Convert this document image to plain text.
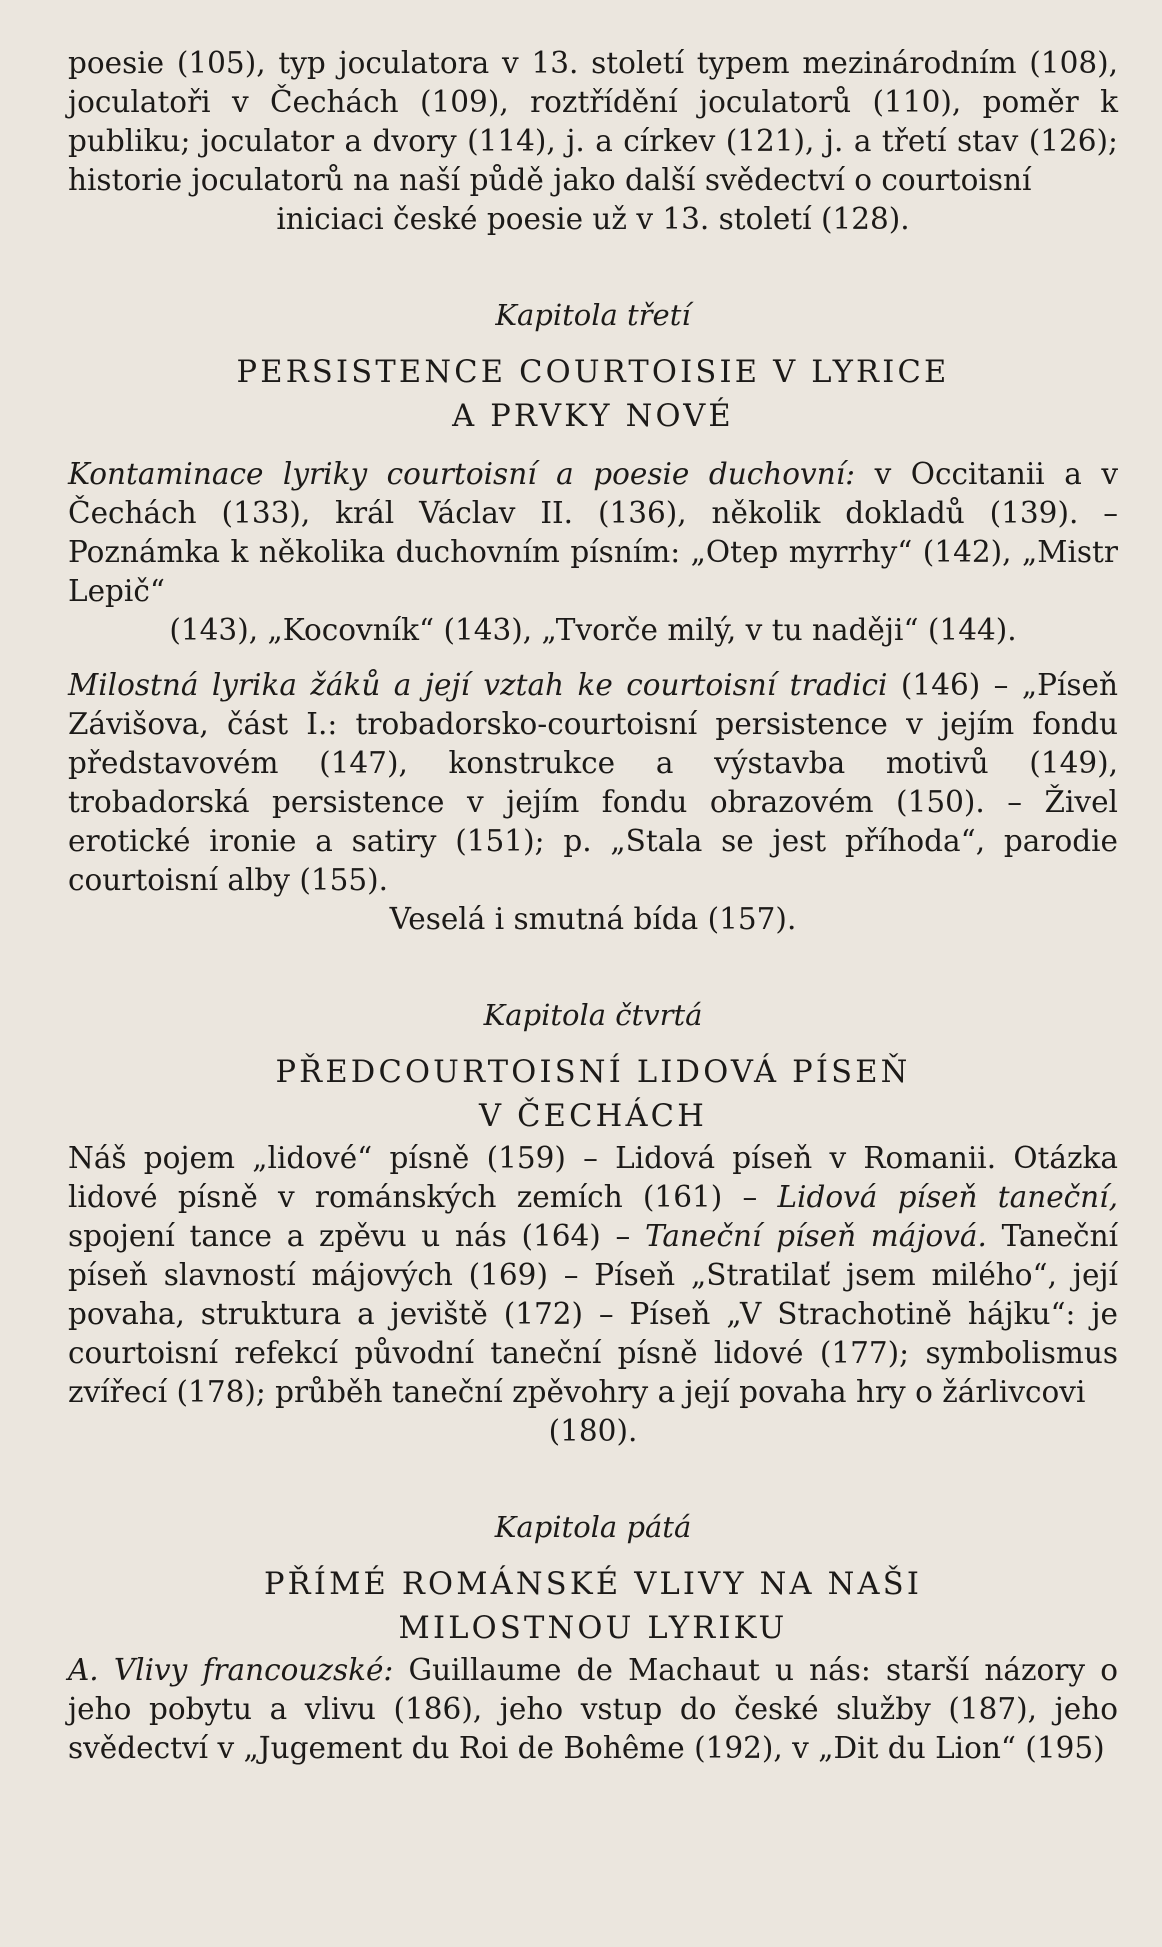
poesie (105), typ joculatora v 13. století typem mezinárodním (108), joculatoři v Čechách (109), roztřídění joculatorů (110), poměr k publiku; joculator a dvory (114), j. a církev (121), j. a třetí stav (126); historie joculatorů na naší půdě jako další svědectví o courtoisní
iniciaci české poesie už v 13. století (128).

Kapitola třetí

PERSISTENCE COURTOISIE V LYRICE

A PRVKY NOVÉ

Kontaminace lyriky courtoisní a poesie duchovní: v Occitanii a v Čechách (133), král Václav II. (136), několik dokladů (139). – Poznámka k několika duchovním písním: „Otep myrrhy“ (142), „Mistr Lepič“
(143), „Kocovník“ (143), „Tvorče milý, v tu naději“ (144).

Milostná lyrika žáků a její vztah ke courtoisní tradici (146) – „Píseň Závišova, část I.: trobadorsko-courtoisní persistence v jejím fondu představovém (147), konstrukce a výstavba motivů (149), trobadorská persistence v jejím fondu obrazovém (150). – Živel erotické ironie a satiry (151); p. „Stala se jest příhoda“, parodie courtoisní alby (155).
Veselá i smutná bída (157).

Kapitola čtvrtá

PŘEDCOURTOISNÍ LIDOVÁ PÍSEŇ

V ČECHÁCH

Náš pojem „lidové“ písně (159) – Lidová píseň v Romanii. Otázka lidové písně v románských zemích (161) – Lidová píseň taneční, spojení tance a zpěvu u nás (164) – Taneční píseň májová. Taneční píseň slavností májových (169) – Píseň „Stratilať jsem milého“, její povaha, struktura a jeviště (172) – Píseň „V Strachotině hájku“: je courtoisní refekcí původní taneční písně lidové (177); symbolismus zvířecí (178); průběh taneční zpěvohry a její povaha hry o žárlivcovi
(180).

Kapitola pátá

PŘÍMÉ ROMÁNSKÉ VLIVY NA NAŠI

MILOSTNOU LYRIKU

A. Vlivy francouzské: Guillaume de Machaut u nás: starší názory o jeho pobytu a vlivu (186), jeho vstup do české služby (187), jeho svědectví v „Jugement du Roi de Bohême (192), v „Dit du Lion“ (195)
